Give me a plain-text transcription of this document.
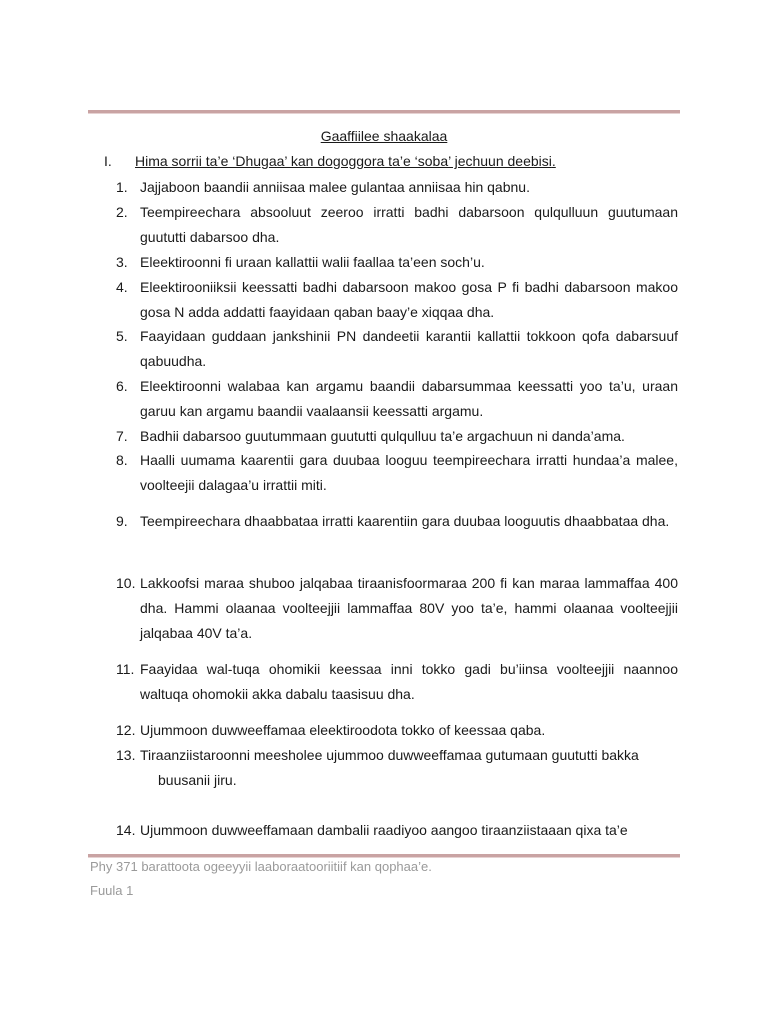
Gaaffiilee shaakalaa
I.	Hima sorrii ta’e ‘Dhugaa’ kan dogoggora ta’e ‘soba’ jechuun deebisi.
1. Jajjaboon baandii anniisaa malee gulantaa anniisaa hin qabnu.
2. Teempireechara absooluut zeeroo irratti badhi dabarsoon qulqulluun guutumaan guututti dabarsoo dha.
3. Eleektiroonni fi uraan kallattii walii faallaa ta’een soch’u.
4. Eleektirooniiksii keessatti badhi dabarsoon makoo gosa P fi badhi dabarsoon makoo gosa N adda addatti faayidaan qaban baay’e xiqqaa dha.
5. Faayidaan guddaan jankshinii PN dandeetii karantii kallattii tokkoon qofa dabarsuuf qabuudha.
6. Eleektiroonni walabaa kan argamu baandii dabarsummaa keessatti yoo ta’u, uraan garuu kan argamu baandii vaalaansii keessatti argamu.
7. Badhii dabarsoo guutummaan guututti qulqulluu ta’e argachuun ni danda’ama.
8. Haalli uumama kaarentii gara duubaa looguu teempireechara irratti hundaa’a malee, voolteejii dalagaa’u irrattii miti.
9. Teempireechara dhaabbataa irratti kaarentiin gara duubaa looguutis dhaabbataa dha.
10. Lakkoofsi maraa shuboo jalqabaa tiraanisfoormaraa 200 fi kan maraa lammaffaa 400 dha. Hammi olaanaa voolteejjii lammaffaa 80V yoo ta’e, hammi olaanaa voolteejjii jalqabaa 40V ta’a.
11. Faayidaa wal-tuqa ohomikii keessaa inni tokko gadi bu’iinsa voolteejjii naannoo waltuqa ohomokii akka dabalu taasisuu dha.
12. Ujummoon duwweeffamaa eleektiroodota tokko of keessaa qaba.
13. Tiraanziistaroonni meesholee ujummoo duwweeffamaa gutumaan guututti bakka
buusanii jiru.
14. Ujummoon duwweeffamaan dambalii raadiyoo aangoo tiraanziistaaan qixa ta’e
Phy 371 barattoota ogeeyyii laaboraatooriitiif kan qophaa’e.
Fuula 1
